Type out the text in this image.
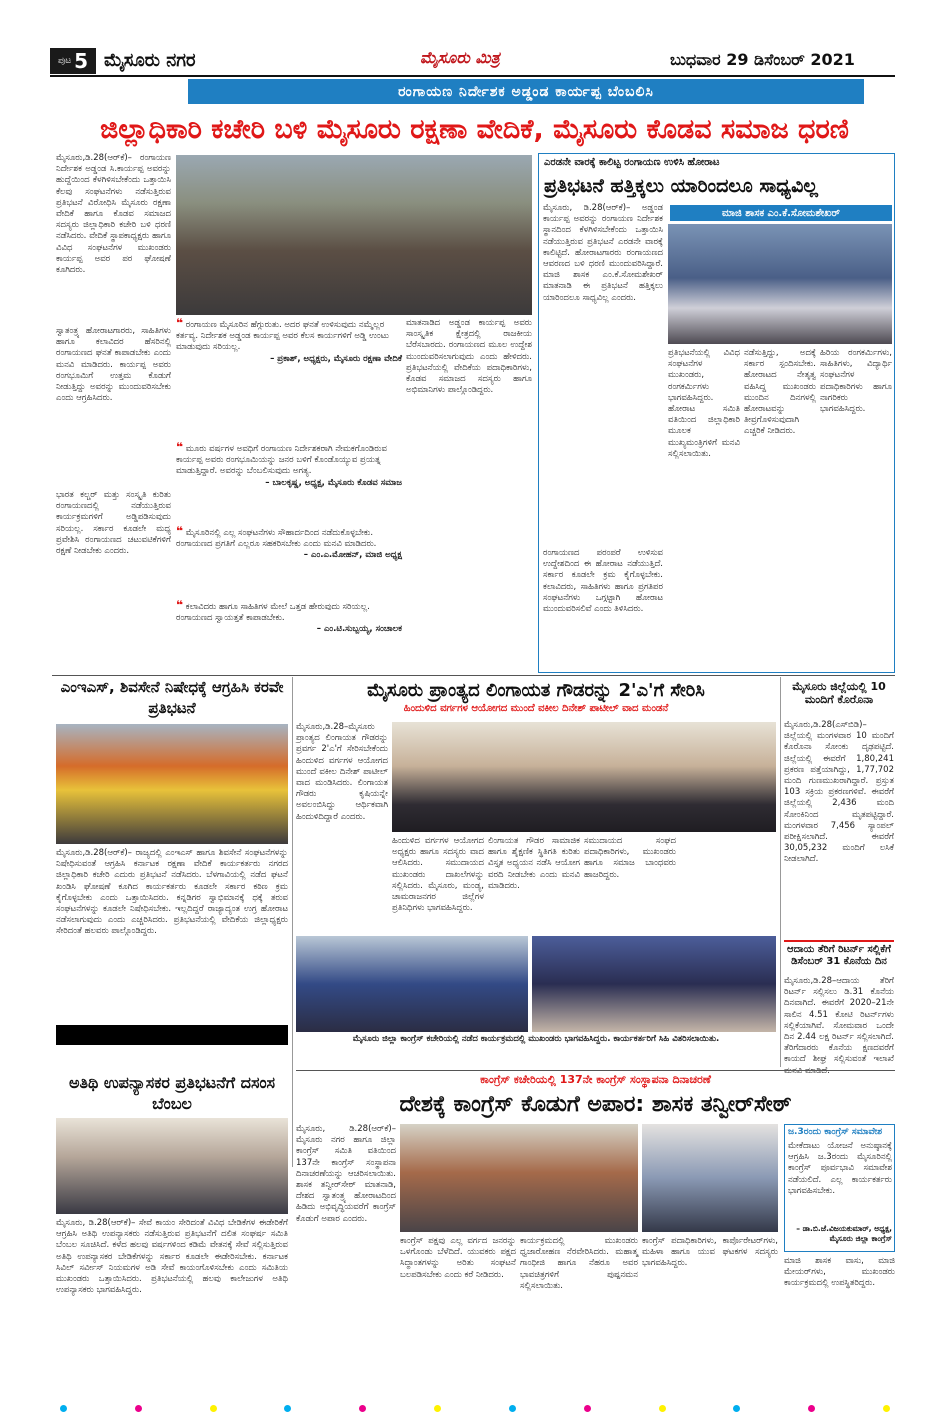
ಪುಟ 5 ಮೈಸೂರು ನಗರ	ಮೈಸೂರು ಮಿತ್ರ	ಬುಧವಾರ 29 ಡಿಸೆಂಬರ್ 2021
ರಂಗಾಯಣ ನಿರ್ದೇಶಕ ಅಡ್ಡಂಡ ಕಾರ್ಯಪ್ಪ ಬೆಂಬಲಿಸಿ
ಜಿಲ್ಲಾಧಿಕಾರಿ ಕಚೇರಿ ಬಳಿ ಮೈಸೂರು ರಕ್ಷಣಾ ವೇದಿಕೆ, ಮೈಸೂರು ಕೊಡವ ಸಮಾಜ ಧರಣಿ
ಮೈಸೂರು,ಡಿ.28(ಆರ್‌ಕೆ)– ರಂಗಾಯಣ ನಿರ್ದೇಶಕ ಅಡ್ಡಂಡ ಸಿ.ಕಾರ್ಯಪ್ಪ ಅವರನ್ನು ಹುದ್ದೆಯಿಂದ ಕೆಳಗಿಳಿಸಬೇಕೆಂದು ಒತ್ತಾಯಿಸಿ ಕೆಲವು ಸಂಘಟನೆಗಳು ನಡೆಸುತ್ತಿರುವ ಪ್ರತಿಭಟನೆ ವಿರೋಧಿಸಿ ಮೈಸೂರು ರಕ್ಷಣಾ ವೇದಿಕೆ ಹಾಗೂ ಕೊಡವ ಸಮಾಜದ ಸದಸ್ಯರು ಜಿಲ್ಲಾಧಿಕಾರಿ ಕಚೇರಿ ಬಳಿ ಧರಣಿ ನಡೆಸಿದರು. ವೇದಿಕೆ ಸ್ಥಾಪಕಾಧ್ಯಕ್ಷರು ಹಾಗೂ ವಿವಿಧ ಸಂಘಟನೆಗಳ ಮುಖಂಡರು ಕಾರ್ಯಪ್ಪ ಅವರ ಪರ ಘೋಷಣೆ ಕೂಗಿದರು.
ಸ್ವಾತಂತ್ರ್ಯ ಹೋರಾಟಗಾರರು, ಸಾಹಿತಿಗಳು ಹಾಗೂ ಕಲಾವಿದರ ಹೆಸರಿನಲ್ಲಿ ರಂಗಾಯಣದ ಘನತೆ ಕಾಪಾಡಬೇಕು ಎಂದು ಮನವಿ ಮಾಡಿದರು. ಕಾರ್ಯಪ್ಪ ಅವರು ರಂಗಭೂಮಿಗೆ ಉತ್ತಮ ಕೊಡುಗೆ ನೀಡುತ್ತಿದ್ದು ಅವರನ್ನು ಮುಂದುವರಿಸಬೇಕು ಎಂದು ಆಗ್ರಹಿಸಿದರು.
ಭಾರತ ಕಲ್ಚರ್ ಮತ್ತು ಸಂಸ್ಕೃತಿ ಕುರಿತು ರಂಗಾಯಣದಲ್ಲಿ ನಡೆಯುತ್ತಿರುವ ಕಾರ್ಯಕ್ರಮಗಳಿಗೆ ಅಡ್ಡಿಪಡಿಸುವುದು ಸರಿಯಲ್ಲ. ಸರ್ಕಾರ ಕೂಡಲೇ ಮಧ್ಯ ಪ್ರವೇಶಿಸಿ ರಂಗಾಯಣದ ಚಟುವಟಿಕೆಗಳಿಗೆ ರಕ್ಷಣೆ ನೀಡಬೇಕು ಎಂದರು.
❝ ರಂಗಾಯಣ ಮೈಸೂರಿನ ಹೆಗ್ಗುರುತು. ಅದರ ಘನತೆ ಉಳಿಸುವುದು ನಮ್ಮೆಲ್ಲರ ಕರ್ತವ್ಯ. ನಿರ್ದೇಶಕ ಅಡ್ಡಂಡ ಕಾರ್ಯಪ್ಪ ಅವರ ಕೆಲಸ ಕಾರ್ಯಗಳಿಗೆ ಅಡ್ಡಿ ಉಂಟು ಮಾಡುವುದು ಸರಿಯಲ್ಲ.
– ಪ್ರಕಾಶ್, ಅಧ್ಯಕ್ಷರು, ಮೈಸೂರು ರಕ್ಷಣಾ ವೇದಿಕೆ
❝ ಮೂರು ವರ್ಷಗಳ ಅವಧಿಗೆ ರಂಗಾಯಣ ನಿರ್ದೇಶಕರಾಗಿ ನೇಮಕಗೊಂಡಿರುವ ಕಾರ್ಯಪ್ಪ ಅವರು ರಂಗಭೂಮಿಯನ್ನು ಜನರ ಬಳಿಗೆ ಕೊಂಡೊಯ್ಯುವ ಪ್ರಯತ್ನ ಮಾಡುತ್ತಿದ್ದಾರೆ. ಅವರನ್ನು ಬೆಂಬಲಿಸುವುದು ಅಗತ್ಯ.
– ಬಾಲಕೃಷ್ಣ, ಅಧ್ಯಕ್ಷ, ಮೈಸೂರು ಕೊಡವ ಸಮಾಜ
❝ ಮೈಸೂರಿನಲ್ಲಿ ಎಲ್ಲ ಸಂಘಟನೆಗಳು ಸೌಹಾರ್ದದಿಂದ ನಡೆದುಕೊಳ್ಳಬೇಕು. ರಂಗಾಯಣದ ಪ್ರಗತಿಗೆ ಎಲ್ಲರೂ ಸಹಕರಿಸಬೇಕು ಎಂದು ಮನವಿ ಮಾಡಿದರು.
– ಎಂ.ಎ.ಮೋಹನ್, ಮಾಜಿ ಅಧ್ಯಕ್ಷ
❝ ಕಲಾವಿದರು ಹಾಗೂ ಸಾಹಿತಿಗಳ ಮೇಲೆ ಒತ್ತಡ ಹೇರುವುದು ಸರಿಯಲ್ಲ. ರಂಗಾಯಣದ ಸ್ವಾಯತ್ತತೆ ಕಾಪಾಡಬೇಕು.
– ಎಂ.ಟಿ.ಸುಬ್ಬಯ್ಯ, ಸಂಚಾಲಕ
ಮಾತನಾಡಿದ ಅಡ್ಡಂಡ ಕಾರ್ಯಪ್ಪ ಅವರು ಸಾಂಸ್ಕೃತಿಕ ಕ್ಷೇತ್ರದಲ್ಲಿ ರಾಜಕೀಯ ಬೆರೆಸಬಾರದು. ರಂಗಾಯಣದ ಮೂಲ ಉದ್ದೇಶ ಮುಂದುವರಿಸಲಾಗುವುದು ಎಂದು ಹೇಳಿದರು. ಪ್ರತಿಭಟನೆಯಲ್ಲಿ ವೇದಿಕೆಯ ಪದಾಧಿಕಾರಿಗಳು, ಕೊಡವ ಸಮಾಜದ ಸದಸ್ಯರು ಹಾಗೂ ಅಭಿಮಾನಿಗಳು ಪಾಲ್ಗೊಂಡಿದ್ದರು.
ಎರಡನೇ ವಾರಕ್ಕೆ ಕಾಲಿಟ್ಟ ರಂಗಾಯಣ ಉಳಿಸಿ ಹೋರಾಟ
ಪ್ರತಿಭಟನೆ ಹತ್ತಿಕ್ಕಲು ಯಾರಿಂದಲೂ ಸಾಧ್ಯವಿಲ್ಲ
ಮಾಜಿ ಶಾಸಕ ಎಂ.ಕೆ.ಸೋಮಶೇಖರ್
ಮೈಸೂರು, ಡಿ.28(ಆರ್‌ಕೆ)– ಅಡ್ಡಂಡ ಕಾರ್ಯಪ್ಪ ಅವರನ್ನು ರಂಗಾಯಣ ನಿರ್ದೇಶಕ ಸ್ಥಾನದಿಂದ ಕೆಳಗಿಳಿಸಬೇಕೆಂದು ಒತ್ತಾಯಿಸಿ ನಡೆಯುತ್ತಿರುವ ಪ್ರತಿಭಟನೆ ಎರಡನೇ ವಾರಕ್ಕೆ ಕಾಲಿಟ್ಟಿದೆ. ಹೋರಾಟಗಾರರು ರಂಗಾಯಣದ ಆವರಣದ ಬಳಿ ಧರಣಿ ಮುಂದುವರಿಸಿದ್ದಾರೆ. ಮಾಜಿ ಶಾಸಕ ಎಂ.ಕೆ.ಸೋಮಶೇಖರ್ ಮಾತನಾಡಿ ಈ ಪ್ರತಿಭಟನೆ ಹತ್ತಿಕ್ಕಲು ಯಾರಿಂದಲೂ ಸಾಧ್ಯವಿಲ್ಲ ಎಂದರು.
ರಂಗಾಯಣದ ಪರಂಪರೆ ಉಳಿಸುವ ಉದ್ದೇಶದಿಂದ ಈ ಹೋರಾಟ ನಡೆಯುತ್ತಿದೆ. ಸರ್ಕಾರ ಕೂಡಲೇ ಕ್ರಮ ಕೈಗೊಳ್ಳಬೇಕು. ಕಲಾವಿದರು, ಸಾಹಿತಿಗಳು ಹಾಗೂ ಪ್ರಗತಿಪರ ಸಂಘಟನೆಗಳು ಒಗ್ಗಟ್ಟಾಗಿ ಹೋರಾಟ ಮುಂದುವರಿಸಲಿವೆ ಎಂದು ತಿಳಿಸಿದರು.
ಪ್ರತಿಭಟನೆಯಲ್ಲಿ ವಿವಿಧ ಸಂಘಟನೆಗಳ ಮುಖಂಡರು, ರಂಗಕರ್ಮಿಗಳು ಭಾಗವಹಿಸಿದ್ದರು. ಹೋರಾಟ ಸಮಿತಿ ವತಿಯಿಂದ ಜಿಲ್ಲಾಧಿಕಾರಿ ಮೂಲಕ ಮುಖ್ಯಮಂತ್ರಿಗಳಿಗೆ ಮನವಿ ಸಲ್ಲಿಸಲಾಯಿತು.
ನಡೆಸುತ್ತಿದ್ದು, ಅದಕ್ಕೆ ಸರ್ಕಾರ ಸ್ಪಂದಿಸಬೇಕು. ಹೋರಾಟದ ನೇತೃತ್ವ ವಹಿಸಿದ್ದ ಮುಖಂಡರು ಮುಂದಿನ ದಿನಗಳಲ್ಲಿ ಹೋರಾಟವನ್ನು ತೀವ್ರಗೊಳಿಸುವುದಾಗಿ ಎಚ್ಚರಿಕೆ ನೀಡಿದರು.
ಹಿರಿಯ ರಂಗಕರ್ಮಿಗಳು, ಸಾಹಿತಿಗಳು, ವಿದ್ಯಾರ್ಥಿ ಸಂಘಟನೆಗಳ ಪದಾಧಿಕಾರಿಗಳು ಹಾಗೂ ನಾಗರಿಕರು ಭಾಗವಹಿಸಿದ್ದರು.
ಎಂಇಎಸ್, ಶಿವಸೇನೆ ನಿಷೇಧಕ್ಕೆ ಆಗ್ರಹಿಸಿ ಕರವೇ ಪ್ರತಿಭಟನೆ
ಮೈಸೂರು,ಡಿ.28(ಆರ್‌ಕೆ)– ರಾಜ್ಯದಲ್ಲಿ ಎಂಇಎಸ್ ಹಾಗೂ ಶಿವಸೇನೆ ಸಂಘಟನೆಗಳನ್ನು ನಿಷೇಧಿಸುವಂತೆ ಆಗ್ರಹಿಸಿ ಕರ್ನಾಟಕ ರಕ್ಷಣಾ ವೇದಿಕೆ ಕಾರ್ಯಕರ್ತರು ನಗರದ ಜಿಲ್ಲಾಧಿಕಾರಿ ಕಚೇರಿ ಎದುರು ಪ್ರತಿಭಟನೆ ನಡೆಸಿದರು. ಬೆಳಗಾವಿಯಲ್ಲಿ ನಡೆದ ಘಟನೆ ಖಂಡಿಸಿ ಘೋಷಣೆ ಕೂಗಿದ ಕಾರ್ಯಕರ್ತರು ಕೂಡಲೇ ಸರ್ಕಾರ ಕಠಿಣ ಕ್ರಮ ಕೈಗೊಳ್ಳಬೇಕು ಎಂದು ಒತ್ತಾಯಿಸಿದರು. ಕನ್ನಡಿಗರ ಸ್ವಾಭಿಮಾನಕ್ಕೆ ಧಕ್ಕೆ ತರುವ ಸಂಘಟನೆಗಳನ್ನು ಕೂಡಲೇ ನಿಷೇಧಿಸಬೇಕು. ಇಲ್ಲದಿದ್ದರೆ ರಾಜ್ಯಾದ್ಯಂತ ಉಗ್ರ ಹೋರಾಟ ನಡೆಸಲಾಗುವುದು ಎಂದು ಎಚ್ಚರಿಸಿದರು. ಪ್ರತಿಭಟನೆಯಲ್ಲಿ ವೇದಿಕೆಯ ಜಿಲ್ಲಾಧ್ಯಕ್ಷರು ಸೇರಿದಂತೆ ಹಲವರು ಪಾಲ್ಗೊಂಡಿದ್ದರು.
ಮೈಸೂರು ಪ್ರಾಂತ್ಯದ ಲಿಂಗಾಯತ ಗೌಡರನ್ನು 2'ಎ'ಗೆ ಸೇರಿಸಿ
ಹಿಂದುಳಿದ ವರ್ಗಗಳ ಆಯೋಗದ ಮುಂದೆ ವಕೀಲ ದಿನೇಶ್ ಪಾಟೀಲ್ ವಾದ ಮಂಡನೆ
ಮೈಸೂರು,ಡಿ.28–ಮೈಸೂರು ಪ್ರಾಂತ್ಯದ ಲಿಂಗಾಯತ ಗೌಡರನ್ನು ಪ್ರವರ್ಗ 2'ಎ'ಗೆ ಸೇರಿಸಬೇಕೆಂದು ಹಿಂದುಳಿದ ವರ್ಗಗಳ ಆಯೋಗದ ಮುಂದೆ ವಕೀಲ ದಿನೇಶ್ ಪಾಟೀಲ್ ವಾದ ಮಂಡಿಸಿದರು. ಲಿಂಗಾಯತ ಗೌಡರು ಕೃಷಿಯನ್ನೇ ಅವಲಂಬಿಸಿದ್ದು ಆರ್ಥಿಕವಾಗಿ ಹಿಂದುಳಿದಿದ್ದಾರೆ ಎಂದರು.
ಹಿಂದುಳಿದ ವರ್ಗಗಳ ಆಯೋಗದ ಅಧ್ಯಕ್ಷರು ಹಾಗೂ ಸದಸ್ಯರು ವಾದ ಆಲಿಸಿದರು. ಸಮುದಾಯದ ಮುಖಂಡರು ದಾಖಲೆಗಳನ್ನು ಸಲ್ಲಿಸಿದರು. ಮೈಸೂರು, ಮಂಡ್ಯ, ಚಾಮರಾಜನಗರ ಜಿಲ್ಲೆಗಳ ಪ್ರತಿನಿಧಿಗಳು ಭಾಗವಹಿಸಿದ್ದರು.
ಲಿಂಗಾಯತ ಗೌಡರ ಸಾಮಾಜಿಕ ಹಾಗೂ ಶೈಕ್ಷಣಿಕ ಸ್ಥಿತಿಗತಿ ಕುರಿತು ವಿಸ್ತೃತ ಅಧ್ಯಯನ ನಡೆಸಿ ಆಯೋಗ ವರದಿ ನೀಡಬೇಕು ಎಂದು ಮನವಿ ಮಾಡಿದರು.
ಸಮುದಾಯದ ಸಂಘದ ಪದಾಧಿಕಾರಿಗಳು, ಮುಖಂಡರು ಹಾಗೂ ಸಮಾಜ ಬಾಂಧವರು ಹಾಜರಿದ್ದರು.
ಮೈಸೂರು ಜಿಲ್ಲಾ ಕಾಂಗ್ರೆಸ್ ಕಚೇರಿಯಲ್ಲಿ ನಡೆದ ಕಾರ್ಯಕ್ರಮದಲ್ಲಿ ಮುಖಂಡರು ಭಾಗವಹಿಸಿದ್ದರು. ಕಾರ್ಯಕರ್ತರಿಗೆ ಸಿಹಿ ವಿತರಿಸಲಾಯಿತು.
ಮೈಸೂರು ಜಿಲ್ಲೆಯಲ್ಲಿ 10 ಮಂದಿಗೆ ಕೊರೊನಾ
ಮೈಸೂರು,ಡಿ.28(ಎಸ್‌ಬಿಡಿ)– ಜಿಲ್ಲೆಯಲ್ಲಿ ಮಂಗಳವಾರ 10 ಮಂದಿಗೆ ಕೊರೊನಾ ಸೋಂಕು ದೃಢಪಟ್ಟಿದೆ. ಜಿಲ್ಲೆಯಲ್ಲಿ ಈವರೆಗೆ 1,80,241 ಪ್ರಕರಣ ಪತ್ತೆಯಾಗಿದ್ದು, 1,77,702 ಮಂದಿ ಗುಣಮುಖರಾಗಿದ್ದಾರೆ. ಪ್ರಸ್ತುತ 103 ಸಕ್ರಿಯ ಪ್ರಕರಣಗಳಿವೆ. ಈವರೆಗೆ ಜಿಲ್ಲೆಯಲ್ಲಿ 2,436 ಮಂದಿ ಸೋಂಕಿನಿಂದ ಮೃತಪಟ್ಟಿದ್ದಾರೆ. ಮಂಗಳವಾರ 7,456 ಸ್ಯಾಂಪಲ್ ಪರೀಕ್ಷಿಸಲಾಗಿದೆ. ಈವರೆಗೆ 30,05,232 ಮಂದಿಗೆ ಲಸಿಕೆ ನೀಡಲಾಗಿದೆ.
ಆದಾಯ ತೆರಿಗೆ ರಿಟರ್ನ್ ಸಲ್ಲಿಕೆಗೆ ಡಿಸೆಂಬರ್ 31 ಕೊನೆಯ ದಿನ
ಮೈಸೂರು,ಡಿ.28–ಆದಾಯ ತೆರಿಗೆ ರಿಟರ್ನ್ ಸಲ್ಲಿಸಲು ಡಿ.31 ಕೊನೆಯ ದಿನವಾಗಿದೆ. ಈವರೆಗೆ 2020–21ನೇ ಸಾಲಿನ 4.51 ಕೋಟಿ ರಿಟರ್ನ್‌ಗಳು ಸಲ್ಲಿಕೆಯಾಗಿವೆ. ಸೋಮವಾರ ಒಂದೇ ದಿನ 2.44 ಲಕ್ಷ ರಿಟರ್ನ್ ಸಲ್ಲಿಸಲಾಗಿದೆ. ತೆರಿಗೆದಾರರು ಕೊನೆಯ ಕ್ಷಣದವರೆಗೆ ಕಾಯದೆ ಶೀಘ್ರ ಸಲ್ಲಿಸುವಂತೆ ಇಲಾಖೆ
ಅತಿಥಿ ಉಪನ್ಯಾಸಕರ ಪ್ರತಿಭಟನೆಗೆ ದಸಂಸ ಬೆಂಬಲ
ಮೈಸೂರು, ಡಿ.28(ಆರ್‌ಕೆ)– ಸೇವೆ ಕಾಯಂ ಸೇರಿದಂತೆ ವಿವಿಧ ಬೇಡಿಕೆಗಳ ಈಡೇರಿಕೆಗೆ ಆಗ್ರಹಿಸಿ ಅತಿಥಿ ಉಪನ್ಯಾಸಕರು ನಡೆಸುತ್ತಿರುವ ಪ್ರತಿಭಟನೆಗೆ ದಲಿತ ಸಂಘರ್ಷ ಸಮಿತಿ ಬೆಂಬಲ ಸೂಚಿಸಿದೆ. ಕಳೆದ ಹಲವು ವರ್ಷಗಳಿಂದ ಕಡಿಮೆ ವೇತನಕ್ಕೆ ಸೇವೆ ಸಲ್ಲಿಸುತ್ತಿರುವ ಅತಿಥಿ ಉಪನ್ಯಾಸಕರ ಬೇಡಿಕೆಗಳನ್ನು ಸರ್ಕಾರ ಕೂಡಲೇ ಈಡೇರಿಸಬೇಕು. ಕರ್ನಾಟಕ ಸಿವಿಲ್ ಸರ್ವೀಸ್ ನಿಯಮಗಳ ಅಡಿ ಸೇವೆ ಕಾಯಂಗೊಳಿಸಬೇಕು ಎಂದು ಸಮಿತಿಯ ಮುಖಂಡರು ಒತ್ತಾಯಿಸಿದರು. ಪ್ರತಿಭಟನೆಯಲ್ಲಿ ಹಲವು ಕಾಲೇಜುಗಳ ಅತಿಥಿ ಉಪನ್ಯಾಸಕರು ಭಾಗವಹಿಸಿದ್ದರು.
ಕಾಂಗ್ರೆಸ್ ಕಚೇರಿಯಲ್ಲಿ 137ನೇ ಕಾಂಗ್ರೆಸ್ ಸಂಸ್ಥಾಪನಾ ದಿನಾಚರಣೆ
ದೇಶಕ್ಕೆ ಕಾಂಗ್ರೆಸ್ ಕೊಡುಗೆ ಅಪಾರ: ಶಾಸಕ ತನ್ವೀರ್‌ಸೇಠ್
ಮೈಸೂರು, ಡಿ.28(ಆರ್‌ಕೆ)– ಮೈಸೂರು ನಗರ ಹಾಗೂ ಜಿಲ್ಲಾ ಕಾಂಗ್ರೆಸ್ ಸಮಿತಿ ವತಿಯಿಂದ 137ನೇ ಕಾಂಗ್ರೆಸ್ ಸಂಸ್ಥಾಪನಾ ದಿನಾಚರಣೆಯನ್ನು ಆಚರಿಸಲಾಯಿತು. ಶಾಸಕ ತನ್ವೀರ್‌ಸೇಠ್ ಮಾತನಾಡಿ, ದೇಶದ ಸ್ವಾತಂತ್ರ್ಯ ಹೋರಾಟದಿಂದ ಹಿಡಿದು ಅಭಿವೃದ್ಧಿಯವರೆಗೆ ಕಾಂಗ್ರೆಸ್ ಕೊಡುಗೆ ಅಪಾರ ಎಂದರು.
ಕಾಂಗ್ರೆಸ್ ಪಕ್ಷವು ಎಲ್ಲ ವರ್ಗದ ಜನರನ್ನು ಒಳಗೊಂಡು ಬೆಳೆದಿದೆ. ಯುವಕರು ಪಕ್ಷದ ಸಿದ್ಧಾಂತಗಳನ್ನು ಅರಿತು ಸಂಘಟನೆ ಬಲಪಡಿಸಬೇಕು ಎಂದು ಕರೆ ನೀಡಿದರು.
ಕಾರ್ಯಕ್ರಮದಲ್ಲಿ ಮುಖಂಡರು ಧ್ವಜಾರೋಹಣ ನೆರವೇರಿಸಿದರು. ಮಹಾತ್ಮ ಗಾಂಧೀಜಿ ಹಾಗೂ ನೆಹರೂ ಅವರ ಭಾವಚಿತ್ರಗಳಿಗೆ ಪುಷ್ಪನಮನ ಸಲ್ಲಿಸಲಾಯಿತು.
ಕಾಂಗ್ರೆಸ್ ಪದಾಧಿಕಾರಿಗಳು, ಕಾರ್ಪೊರೇಟರ್‌ಗಳು, ಮಹಿಳಾ ಹಾಗೂ ಯುವ ಘಟಕಗಳ ಸದಸ್ಯರು ಭಾಗವಹಿಸಿದ್ದರು.
ಜ.3ರಂದು ಕಾಂಗ್ರೆಸ್ ಸಮಾವೇಶ
ಮೇಕೆದಾಟು ಯೋಜನೆ ಅನುಷ್ಠಾನಕ್ಕೆ ಆಗ್ರಹಿಸಿ ಜ.3ರಂದು ಮೈಸೂರಿನಲ್ಲಿ ಕಾಂಗ್ರೆಸ್ ಪೂರ್ವಭಾವಿ ಸಮಾವೇಶ ನಡೆಯಲಿದೆ. ಎಲ್ಲ ಕಾರ್ಯಕರ್ತರು ಭಾಗವಹಿಸಬೇಕು.
– ಡಾ.ಬಿ.ಜೆ.ವಿಜಯಕುಮಾರ್, ಅಧ್ಯಕ್ಷ, ಮೈಸೂರು ಜಿಲ್ಲಾ ಕಾಂಗ್ರೆಸ್
ಮಾಜಿ ಶಾಸಕ ವಾಸು, ಮಾಜಿ ಮೇಯರ್‌ಗಳು, ಮುಖಂಡರು ಕಾರ್ಯಕ್ರಮದಲ್ಲಿ ಉಪಸ್ಥಿತರಿದ್ದರು.
